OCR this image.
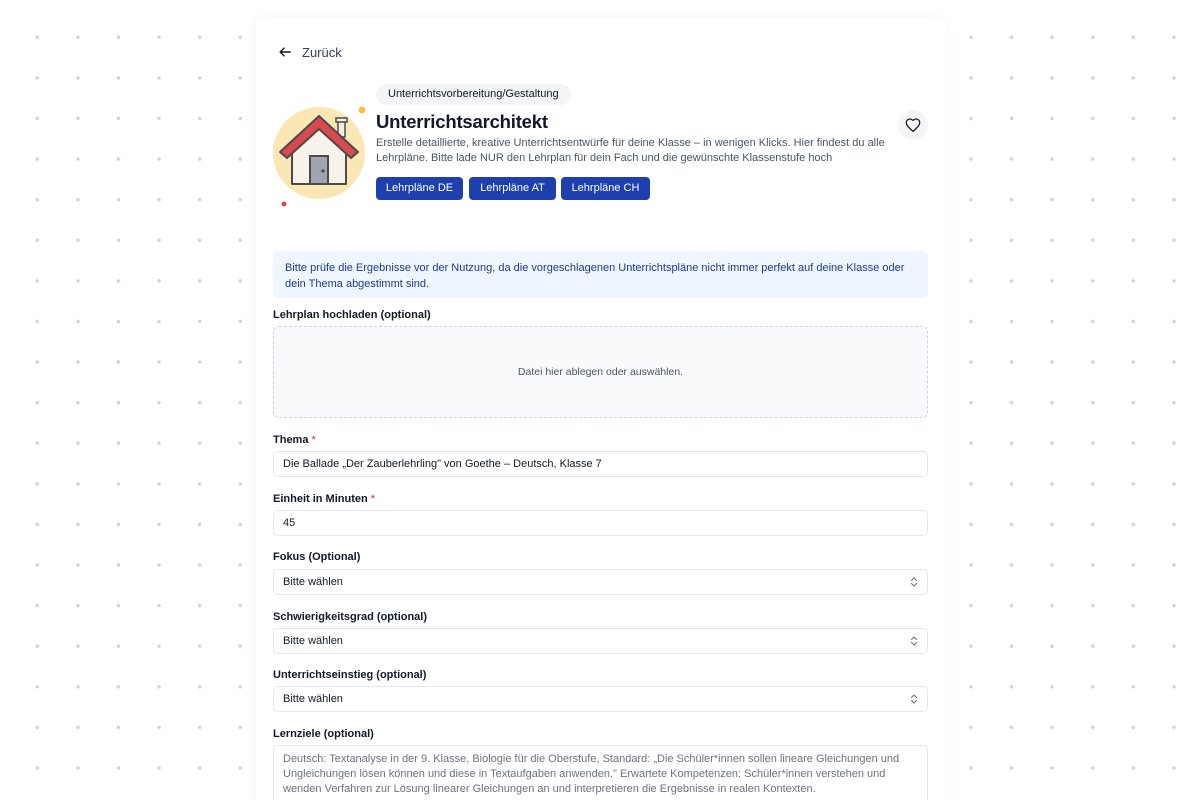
Zurück
Unterrichtsvorbereitung/Gestaltung
Unterrichtsarchitekt
Erstelle detaillierte, kreative Unterrichtsentwürfe für deine Klasse – in wenigen Klicks. Hier findest du alle Lehrpläne. Bitte lade NUR den Lehrplan für dein Fach und die gewünschte Klassenstufe hoch
Lehrpläne DE	Lehrpläne AT	Lehrpläne CH
Bitte prüfe die Ergebnisse vor der Nutzung, da die vorgeschlagenen Unterrichtspläne nicht immer perfekt auf deine Klasse oder dein Thema abgestimmt sind.
Lehrplan hochladen (optional)
Datei hier ablegen oder auswählen.
Thema *
Die Ballade „Der Zauberlehrling" von Goethe – Deutsch, Klasse 7
Einheit in Minuten *
45
Fokus (Optional)
Bitte wählen
Schwierigkeitsgrad (optional)
Bitte wählen
Unterrichtseinstieg (optional)
Bitte wählen
Lernziele (optional)
Deutsch: Textanalyse in der 9. Klasse, Biologie für die Oberstufe, Standard: „Die Schüler*innen sollen lineare Gleichungen und Ungleichungen lösen können und diese in Textaufgaben anwenden." Erwartete Kompetenzen: Schüler*innen verstehen und wenden Verfahren zur Lösung linearer Gleichungen an und interpretieren die Ergebnisse in realen Kontexten.
